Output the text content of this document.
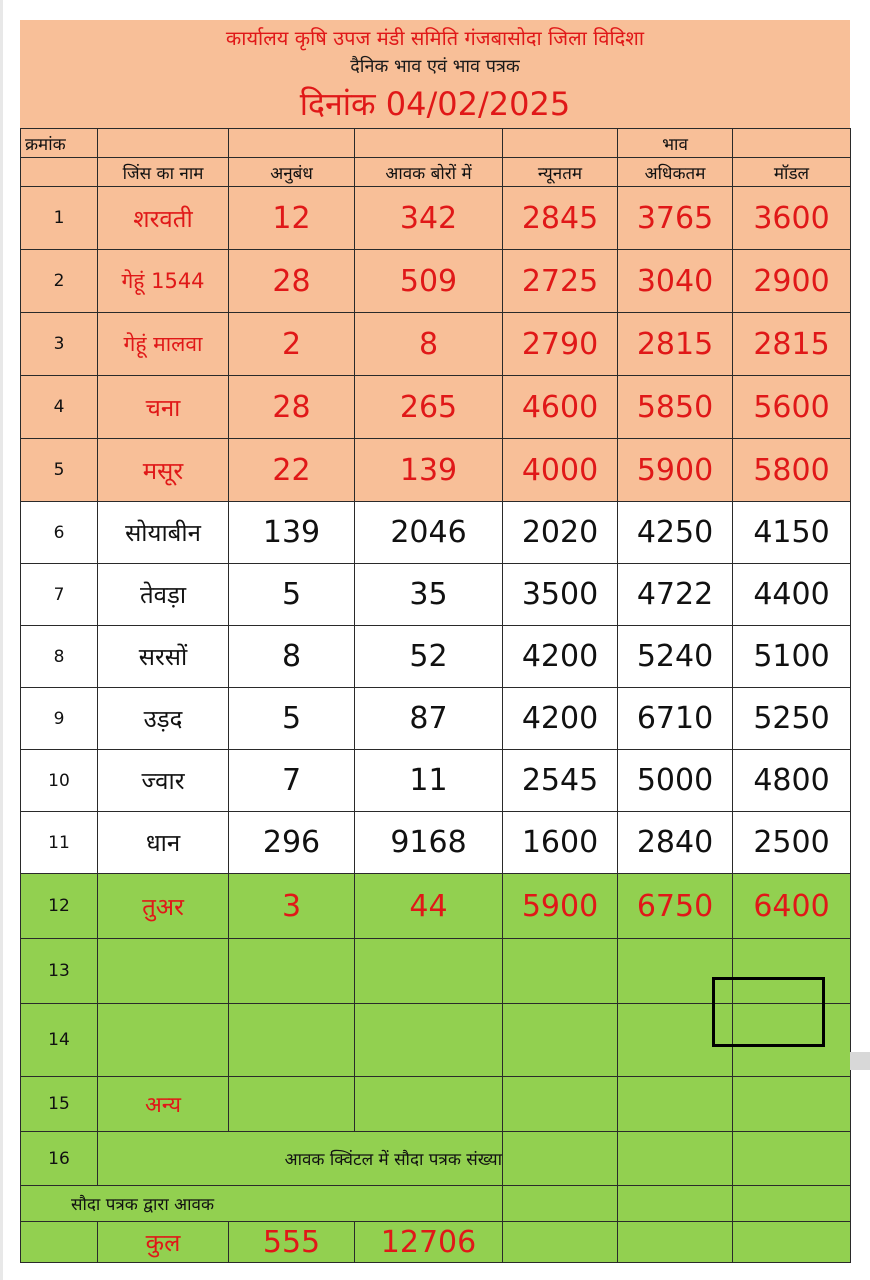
कार्यालय कृषि उपज मंडी समिति गंजबासोदा जिला विदिशा
दैनिक भाव एवं भाव पत्रक
दिनांक 04/02/2025
क्रमांक					भाव	
	जिंस का नाम	अनुबंध	आवक बोरों में	न्यूनतम	अधिकतम	मॉडल
1	शरवती	12	342	2845	3765	3600
2	गेहूं 1544	28	509	2725	3040	2900
3	गेहूं मालवा	2	8	2790	2815	2815
4	चना	28	265	4600	5850	5600
5	मसूर	22	139	4000	5900	5800
6	सोयाबीन	139	2046	2020	4250	4150
7	तेवड़ा	5	35	3500	4722	4400
8	सरसों	8	52	4200	5240	5100
9	उड़द	5	87	4200	6710	5250
10	ज्वार	7	11	2545	5000	4800
11	धान	296	9168	1600	2840	2500
12	तुअर	3	44	5900	6750	6400
13						
14						
15	अन्य					
16	आवक क्विंटल में सौदा पत्रक संख्या					
सौदा पत्रक द्वारा आवक						
	कुल	555	12706			
